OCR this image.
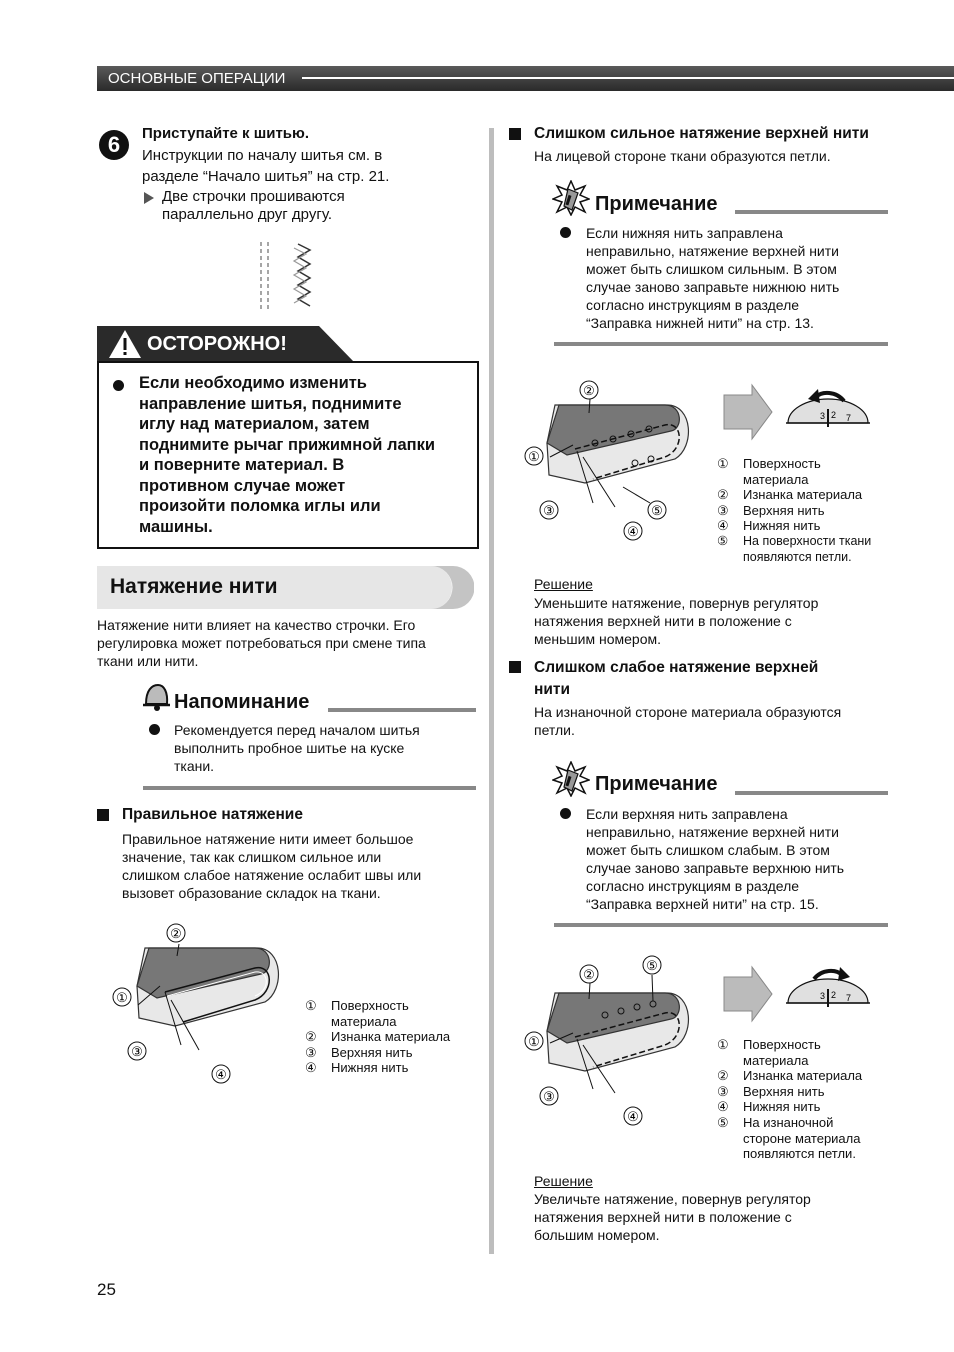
ОСНОВНЫЕ ОПЕРАЦИИ
6	Приступайте к шитью.
Инструкции по началу шитья см. в
разделе “Начало шитья” на стр. 21.
Две строчки прошиваются
параллельно друг другу.
ОСТОРОЖНО!
Если необходимо изменить
направление шитья, поднимите
иглу над материалом, затем
поднимите рычаг прижимной лапки
и поверните материал. В
противном случае может
произойти поломка иглы или
машины.
Натяжение нити
Натяжение нити влияет на качество строчки. Его
регулировка может потребоваться при смене типа
ткани или нити.
Напоминание
Рекомендуется перед началом шитья
выполнить пробное шитье на куске
ткани.
Правильное натяжение
Правильное натяжение нити имеет большое
значение, так как слишком сильное или
слишком слабое натяжение ослабит швы или
вызовет образование складок на ткани.
②
①
③
④
①	Поверхность
материала
②	Изнанка материала
③	Верхняя нить
④	Нижняя нить
Слишком сильное натяжение верхней нити
На лицевой стороне ткани образуются петли.
Примечание
Если нижняя нить заправлена
неправильно, натяжение верхней нити
может быть слишком сильным. В этом
случае заново заправьте нижнюю нить
согласно инструкциям в разделе
“Заправка нижней нити” на стр. 13.
②
①
③
④
⑤
3 2 7
①	Поверхность
материала
②	Изнанка материала
③	Верхняя нить
④	Нижняя нить
⑤	На поверхности ткани
появляются петли.
Решение
Уменьшите натяжение, повернув регулятор
натяжения верхней нити в положение с
меньшим номером.
Слишком слабое натяжение верхней
нити
На изнаночной стороне материала образуются
петли.
Примечание
Если верхняя нить заправлена
неправильно, натяжение верхней нити
может быть слишком слабым. В этом
случае заново заправьте верхнюю нить
согласно инструкциям в разделе
“Заправка верхней нити” на стр. 15.
②
⑤
①
③
④
3 2 7
①	Поверхность
материала
②	Изнанка материала
③	Верхняя нить
④	Нижняя нить
⑤	На изнаночной
стороне материала
появляются петли.
Решение
Увеличьте натяжение, повернув регулятор
натяжения верхней нити в положение с
большим номером.
25
